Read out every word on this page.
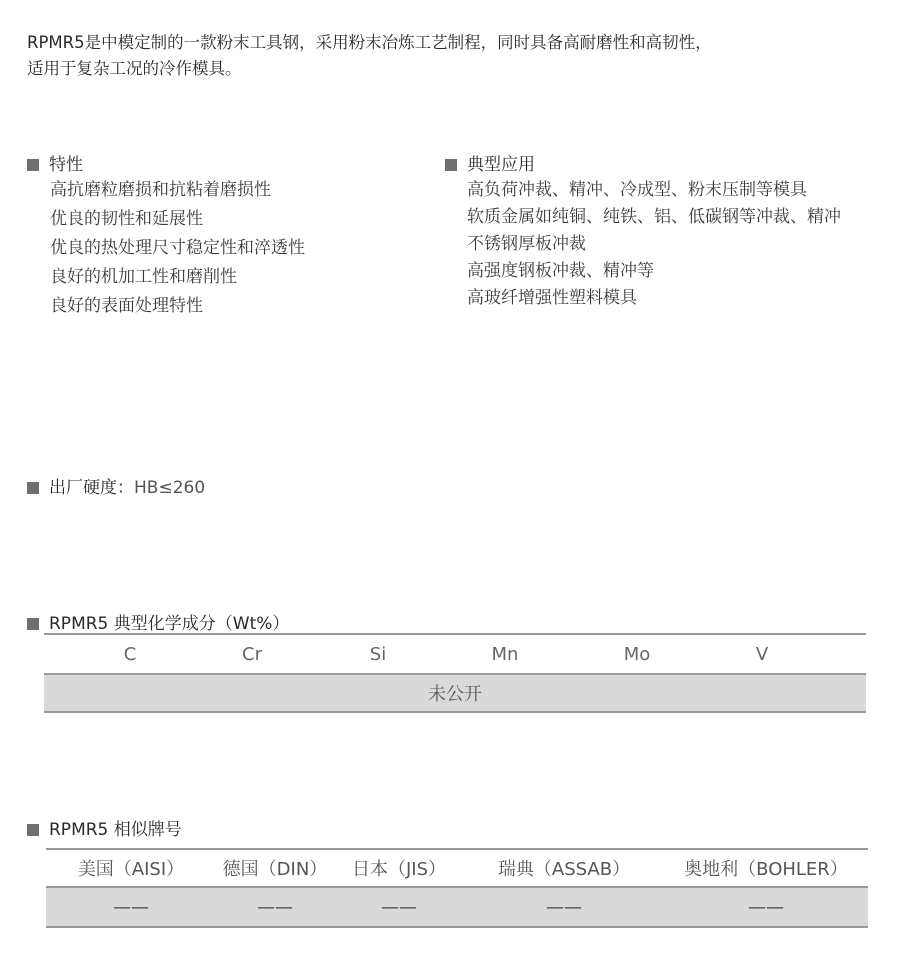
RPMR5是中模定制的一款粉末工具钢，采用粉末冶炼工艺制程，同时具备高耐磨性和高韧性，
适用于复杂工况的冷作模具。
特性
高抗磨粒磨损和抗粘着磨损性
优良的韧性和延展性
优良的热处理尺寸稳定性和淬透性
良好的机加工性和磨削性
良好的表面处理特性
典型应用
高负荷冲裁、精冲、冷成型、粉末压制等模具
软质金属如纯铜、纯铁、铝、低碳钢等冲裁、精冲
不锈钢厚板冲裁
高强度钢板冲裁、精冲等
高玻纤增强性塑料模具
出厂硬度：HB≤260
RPMR5 典型化学成分（Wt%）
C	Cr	Si	Mn	Mo	V	
未公开
RPMR5 相似牌号
美国（AISI）	德国（DIN）	日本（JIS）	瑞典（ASSAB）	奥地利（BOHLER）
——	——	——	——	——
